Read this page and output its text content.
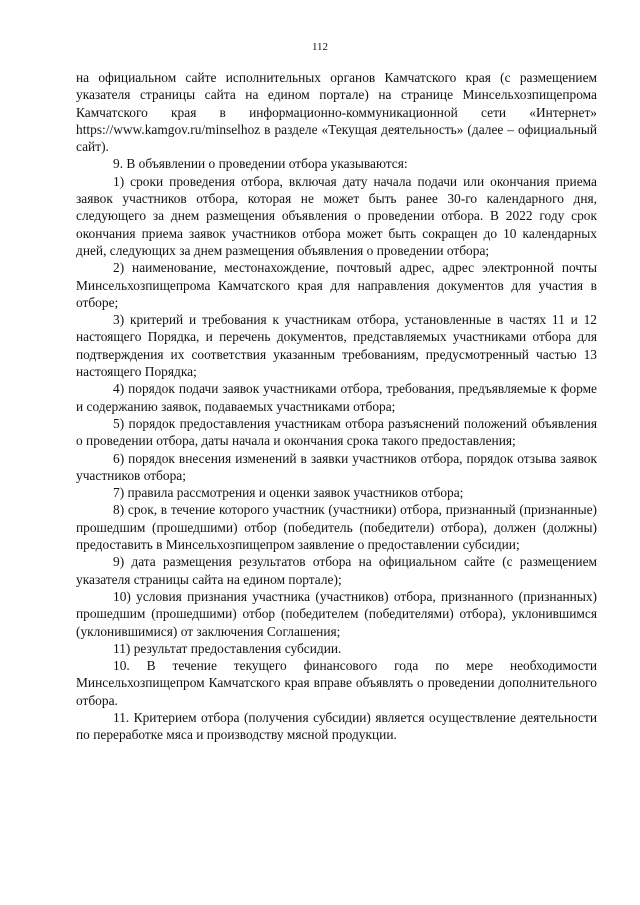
112

на официальном сайте исполнительных органов Камчатского края (с размещением указателя страницы сайта на едином портале) на странице Минсельхозпищепрома Камчатского края в информационно-коммуникационной сети «Интернет» https://www.kamgov.ru/minselhoz в разделе «Текущая деятельность» (далее – официальный сайт).

9. В объявлении о проведении отбора указываются:

1) сроки проведения отбора, включая дату начала подачи или окончания приема заявок участников отбора, которая не может быть ранее 30-го календарного дня, следующего за днем размещения объявления о проведении отбора. В 2022 году срок окончания приема заявок участников отбора может быть сокращен до 10 календарных дней, следующих за днем размещения объявления о проведении отбора;

2) наименование, местонахождение, почтовый адрес, адрес электронной почты Минсельхозпищепрома Камчатского края для направления документов для участия в отборе;

3) критерий и требования к участникам отбора, установленные в частях 11 и 12 настоящего Порядка, и перечень документов, представляемых участниками отбора для подтверждения их соответствия указанным требованиям, предусмотренный частью 13 настоящего Порядка;

4) порядок подачи заявок участниками отбора, требования, предъявляемые к форме и содержанию заявок, подаваемых участниками отбора;

5) порядок предоставления участникам отбора разъяснений положений объявления о проведении отбора, даты начала и окончания срока такого предоставления;

6) порядок внесения изменений в заявки участников отбора, порядок отзыва заявок участников отбора;

7) правила рассмотрения и оценки заявок участников отбора;

8) срок, в течение которого участник (участники) отбора, признанный (признанные) прошедшим (прошедшими) отбор (победитель (победители) отбора), должен (должны) предоставить в Минсельхозпищепром заявление о предоставлении субсидии;

9) дата размещения результатов отбора на официальном сайте (с размещением указателя страницы сайта на едином портале);

10) условия признания участника (участников) отбора, признанного (признанных) прошедшим (прошедшими) отбор (победителем (победителями) отбора), уклонившимся (уклонившимися) от заключения Соглашения;

11) результат предоставления субсидии.

10. В течение текущего финансового года по мере необходимости Минсельхозпищепром Камчатского края вправе объявлять о проведении дополнительного отбора.

11. Критерием отбора (получения субсидии) является осуществление деятельности по переработке мяса и производству мясной продукции.
